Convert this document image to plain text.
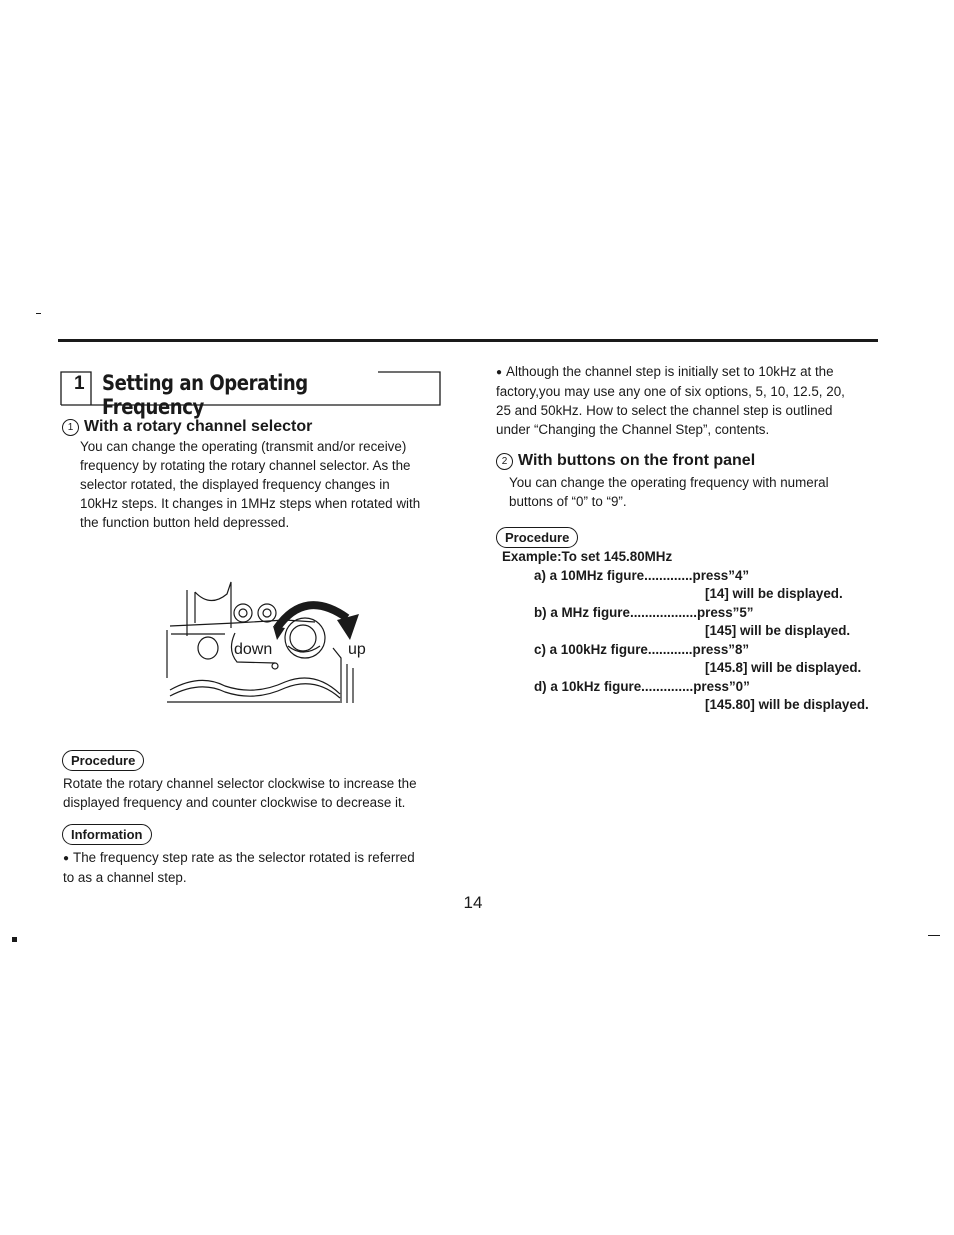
1 Setting an Operating Frequency
1 With a rotary channel selector
You can change the operating (transmit and/or receive)
frequency by rotating the rotary channel selector. As the
selector rotated, the displayed frequency changes in
10kHz steps. It changes in 1MHz steps when rotated with
the function button held depressed.
down	up
Procedure
Rotate the rotary channel selector clockwise to increase the
displayed frequency and counter clockwise to decrease it.
Information
● The frequency step rate as the selector rotated is referred
to as a channel step.
● Although the channel step is initially set to 10kHz at the
factory,you may use any one of six options, 5, 10, 12.5, 20,
25 and 50kHz. How to select the channel step is outlined
under “Changing the Channel Step”, contents.
2 With buttons on the front panel
You can change the operating frequency with numeral
buttons of “0” to “9”.
Procedure
Example:To set 145.80MHz
a) a 10MHz figure.............press”4”
[14] will be displayed.
b) a MHz figure..................press”5”
[145] will be displayed.
c) a 100kHz figure............press”8”
[145.8] will be displayed.
d) a 10kHz figure..............press”0”
[145.80] will be displayed.
14
